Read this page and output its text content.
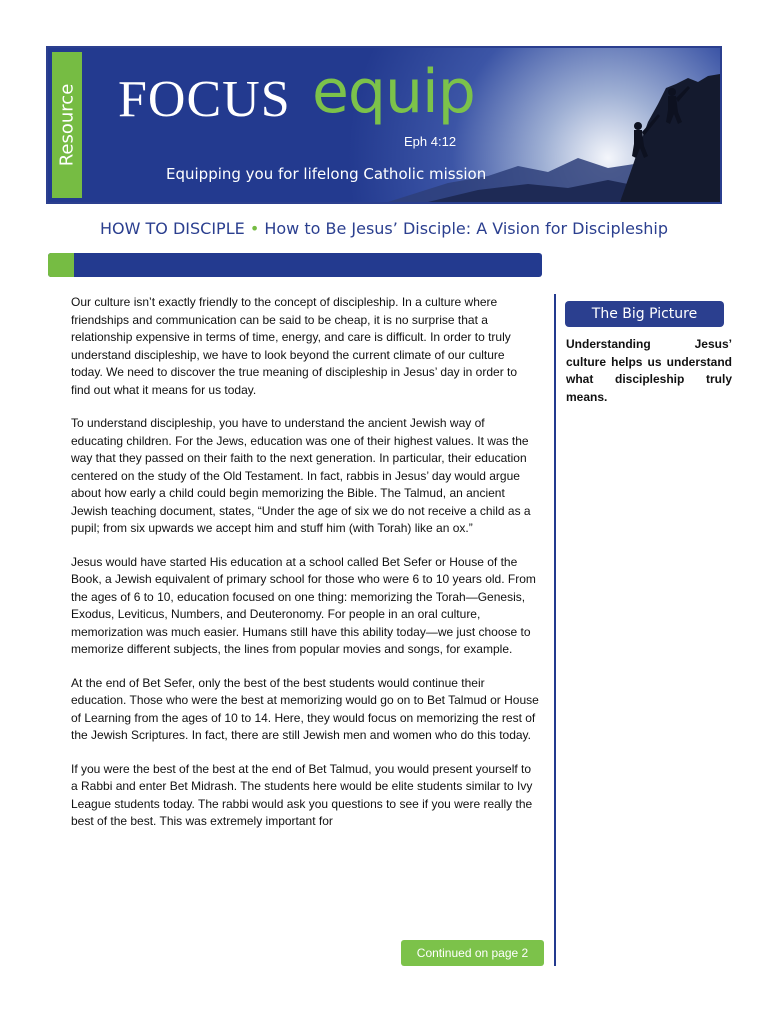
Resource FOCUS equip
Eph 4:12
Equipping you for lifelong Catholic mission
HOW TO DISCIPLE • How to Be Jesus’ Disciple: A Vision for Discipleship

Our culture isn’t exactly friendly to the concept of discipleship. In a culture where friendships and communication can be said to be cheap, it is no surprise that a relationship expensive in terms of time, energy, and care is difficult. In order to truly understand discipleship, we have to look beyond the current climate of our culture today. We need to discover the true meaning of discipleship in Jesus’ day in order to find out what it means for us today.

To understand discipleship, you have to understand the ancient Jewish way of educating children. For the Jews, education was one of their highest values. It was the way that they passed on their faith to the next generation. In particular, their education centered on the study of the Old Testament. In fact, rabbis in Jesus’ day would argue about how early a child could begin memorizing the Bible. The Talmud, an ancient Jewish teaching document, states, “Under the age of six we do not receive a child as a pupil; from six upwards we accept him and stuff him (with Torah) like an ox.”

Jesus would have started His education at a school called Bet Sefer or House of the Book, a Jewish equivalent of primary school for those who were 6 to 10 years old. From the ages of 6 to 10, education focused on one thing: memorizing the Torah—Genesis, Exodus, Leviticus, Numbers, and Deuteronomy. For people in an oral culture, memorization was much easier. Humans still have this ability today—we just choose to memorize different subjects, the lines from popular movies and songs, for example.

At the end of Bet Sefer, only the best of the best students would continue their education. Those who were the best at memorizing would go on to Bet Talmud or House of Learning from the ages of 10 to 14. Here, they would focus on memorizing the rest of the Jewish Scriptures. In fact, there are still Jewish men and women who do this today.

If you were the best of the best at the end of Bet Talmud, you would present yourself to a Rabbi and enter Bet Midrash. The students here would be elite students similar to Ivy League students today. The rabbi would ask you questions to see if you were really the best of the best. This was extremely important for

The Big Picture
Understanding Jesus’ culture helps us understand what discipleship truly means.
Continued on page 2
